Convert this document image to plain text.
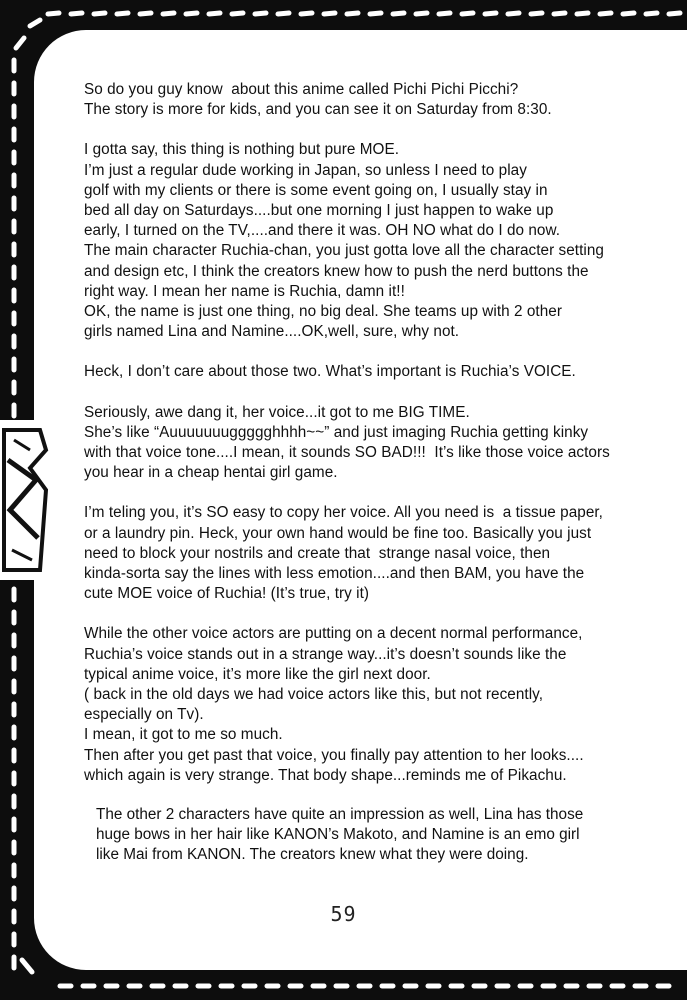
So do you guy know  about this anime called Pichi Pichi Picchi?
The story is more for kids, and you can see it on Saturday from 8:30.
I gotta say, this thing is nothing but pure MOE.
I’m just a regular dude working in Japan, so unless I need to play
golf with my clients or there is some event going on, I usually stay in
bed all day on Saturdays....but one morning I just happen to wake up
early, I turned on the TV,....and there it was. OH NO what do I do now.
The main character Ruchia-chan, you just gotta love all the character setting
and design etc, I think the creators knew how to push the nerd buttons the
right way. I mean her name is Ruchia, damn it!!
OK, the name is just one thing, no big deal. She teams up with 2 other
girls named Lina and Namine....OK,well, sure, why not.
Heck, I don’t care about those two. What’s important is Ruchia’s VOICE.
Seriously, awe dang it, her voice...it got to me BIG TIME.
She’s like “Auuuuuuuggggghhhh~~” and just imaging Ruchia getting kinky
with that voice tone....I mean, it sounds SO BAD!!!  It’s like those voice actors
you hear in a cheap hentai girl game.
I’m teling you, it’s SO easy to copy her voice. All you need is  a tissue paper,
or a laundry pin. Heck, your own hand would be fine too. Basically you just
need to block your nostrils and create that  strange nasal voice, then
kinda-sorta say the lines with less emotion....and then BAM, you have the
cute MOE voice of Ruchia! (It’s true, try it)
While the other voice actors are putting on a decent normal performance,
Ruchia’s voice stands out in a strange way...it’s doesn’t sounds like the
typical anime voice, it’s more like the girl next door.
( back in the old days we had voice actors like this, but not recently,
especially on Tv).
I mean, it got to me so much.
Then after you get past that voice, you finally pay attention to her looks....
which again is very strange. That body shape...reminds me of Pikachu.
The other 2 characters have quite an impression as well, Lina has those
huge bows in her hair like KANON’s Makoto, and Namine is an emo girl
like Mai from KANON. The creators knew what they were doing.
59
